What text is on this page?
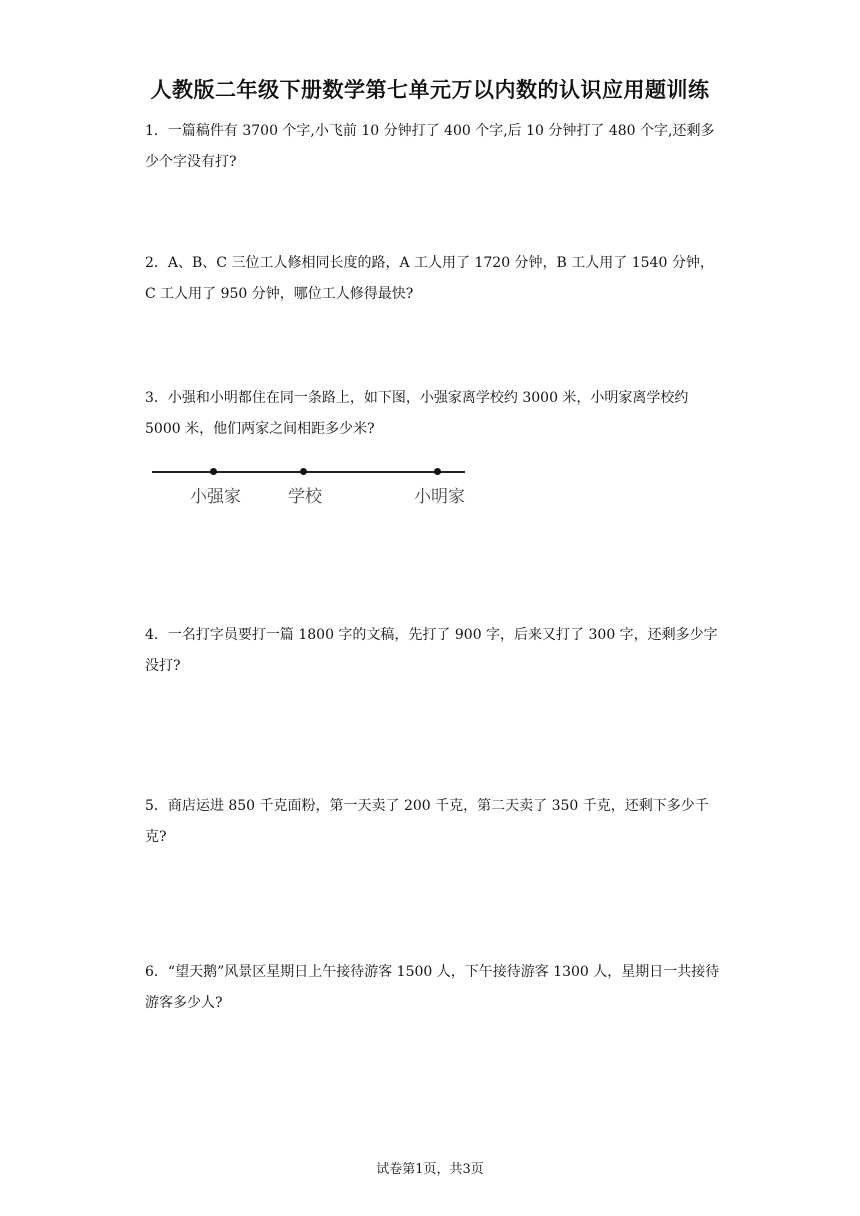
人教版二年级下册数学第七单元万以内数的认识应用题训练
1．一篇稿件有 3700 个字,小飞前 10 分钟打了 400 个字,后 10 分钟打了 480 个字,还剩多少个字没有打?
2．A、B、C 三位工人修相同长度的路，A 工人用了 1720 分钟，B 工人用了 1540 分钟，C 工人用了 950 分钟，哪位工人修得最快?
3．小强和小明都住在同一条路上，如下图，小强家离学校约 3000 米，小明家离学校约 5000 米，他们两家之间相距多少米?
小强家	学校	小明家
4．一名打字员要打一篇 1800 字的文稿，先打了 900 字，后来又打了 300 字，还剩多少字没打?
5．商店运进 850 千克面粉，第一天卖了 200 千克，第二天卖了 350 千克，还剩下多少千克?
6．“望天鹅”风景区星期日上午接待游客 1500 人，下午接待游客 1300 人，星期日一共接待游客多少人?
试卷第1页，共3页
